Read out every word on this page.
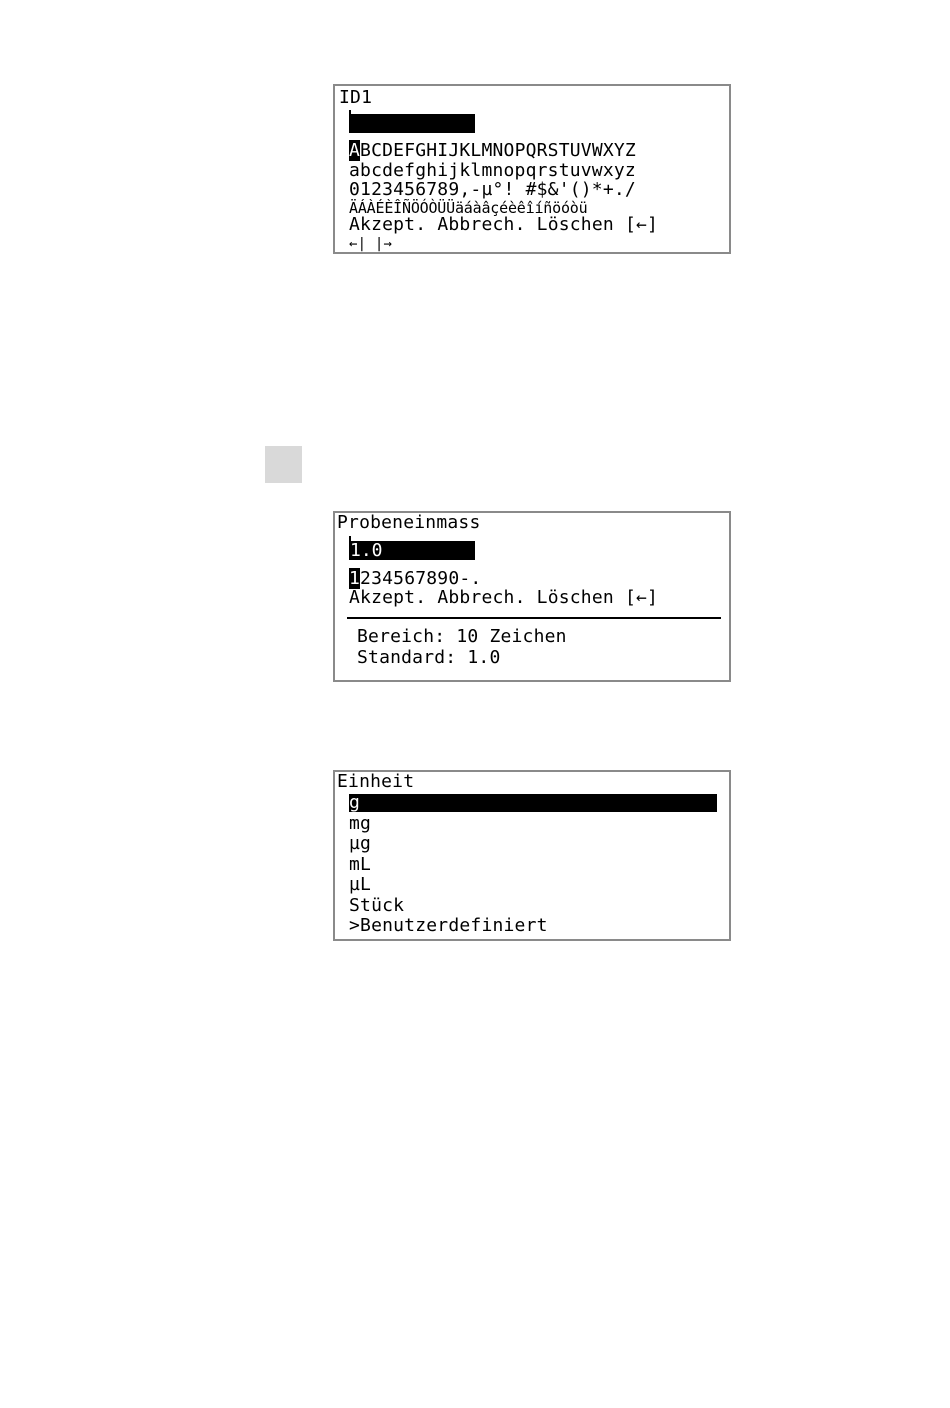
ID1
ABCDEFGHIJKLMNOPQRSTUVWXYZ
abcdefghijklmnopqrstuvwxyz
0123456789,-µ°! #$&'()*+./
ÄÁÀÉÈÎÑÖÓÒÜÜäáàâçéèêîíñöóòü
Akzept. Abbrech. Löschen [←]
←| |→
Probeneinmass
1.0
1234567890-.
Akzept. Abbrech. Löschen [←]
Bereich: 10 Zeichen
Standard: 1.0
Einheit
g
mg
µg
mL
µL
Stück
>Benutzerdefiniert
